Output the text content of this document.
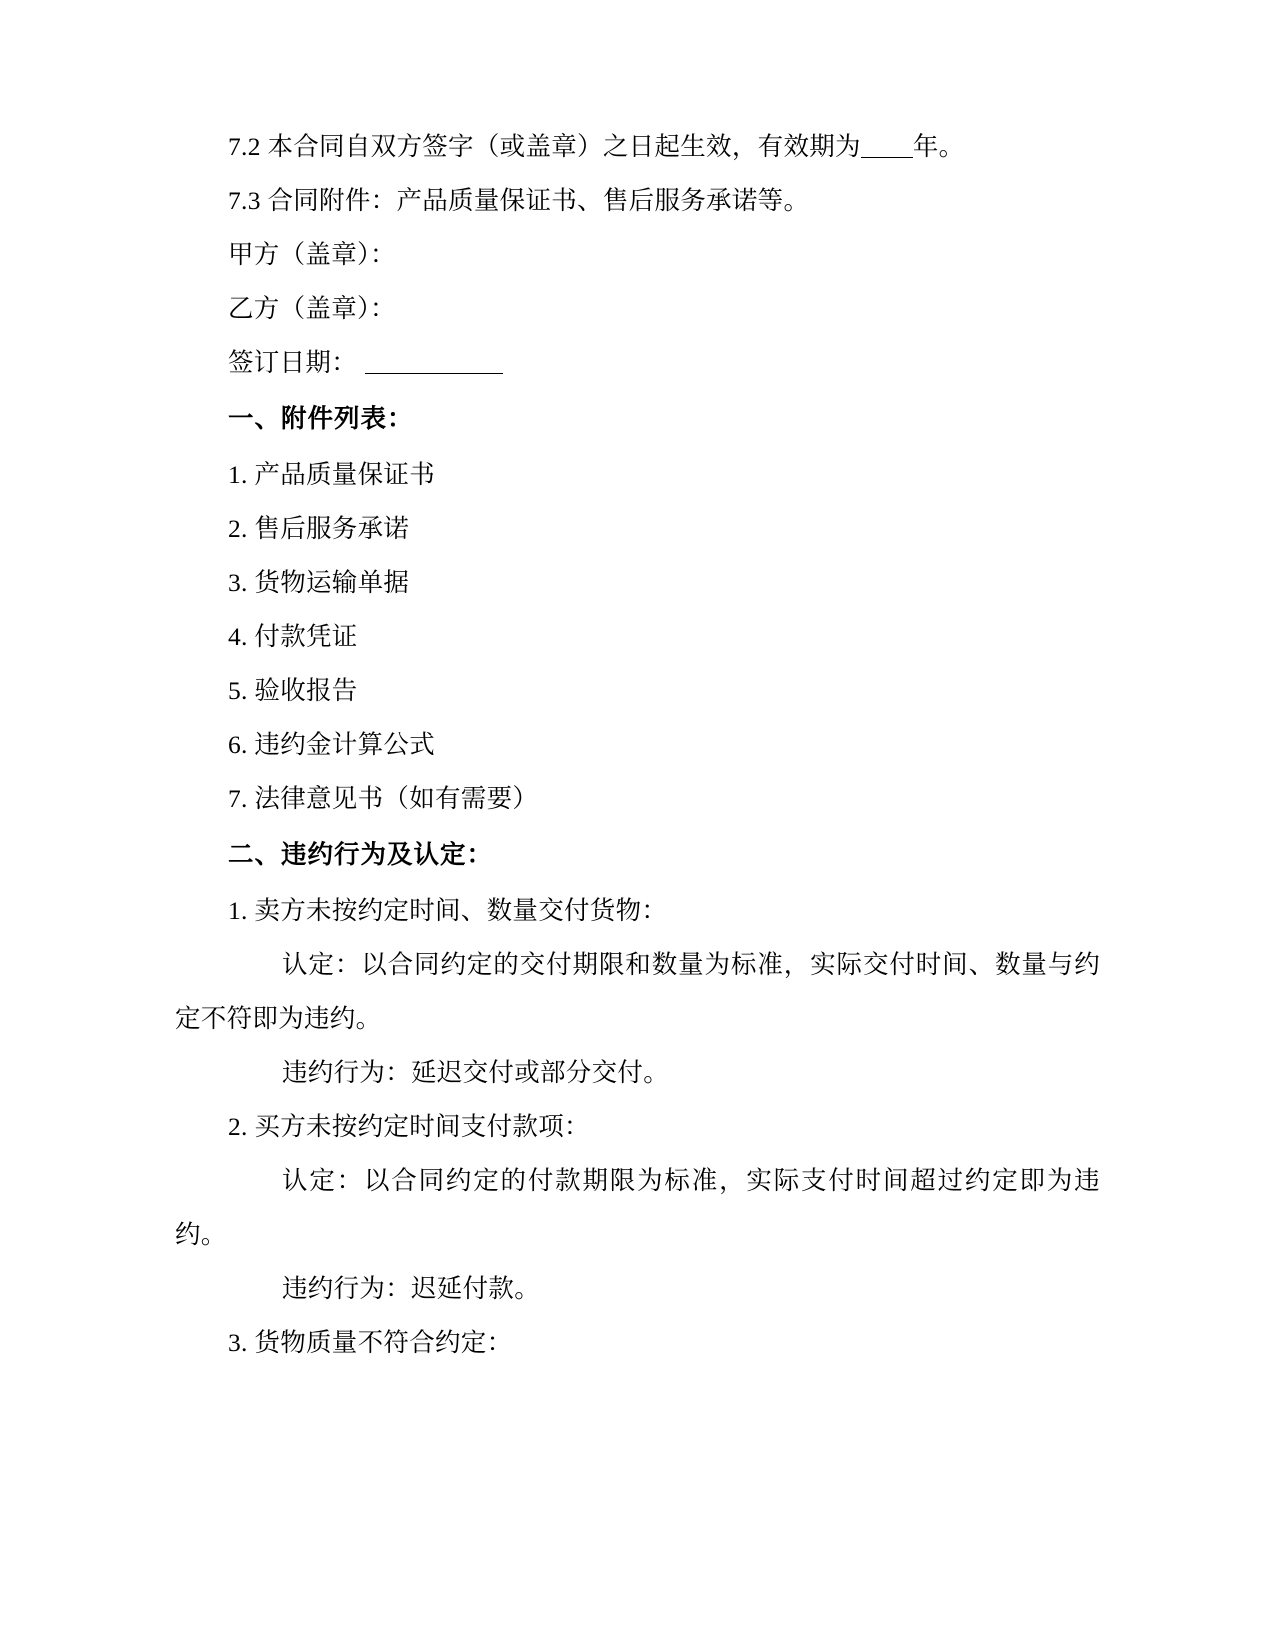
7.2 本合同自双方签字（或盖章）之日起生效，有效期为 年。

7.3 合同附件：产品质量保证书、售后服务承诺等。

甲方（盖章）：

乙方（盖章）：

签订日期：

一、附件列表：

1. 产品质量保证书

2. 售后服务承诺

3. 货物运输单据

4. 付款凭证

5. 验收报告

6. 违约金计算公式

7. 法律意见书（如有需要）

二、违约行为及认定：

1. 卖方未按约定时间、数量交付货物：

认定：以合同约定的交付期限和数量为标准，实际交付时间、数量与约定不符即为违约。

违约行为：延迟交付或部分交付。

2. 买方未按约定时间支付款项：

认定：以合同约定的付款期限为标准，实际支付时间超过约定即为违约。

违约行为：迟延付款。

3. 货物质量不符合约定：
